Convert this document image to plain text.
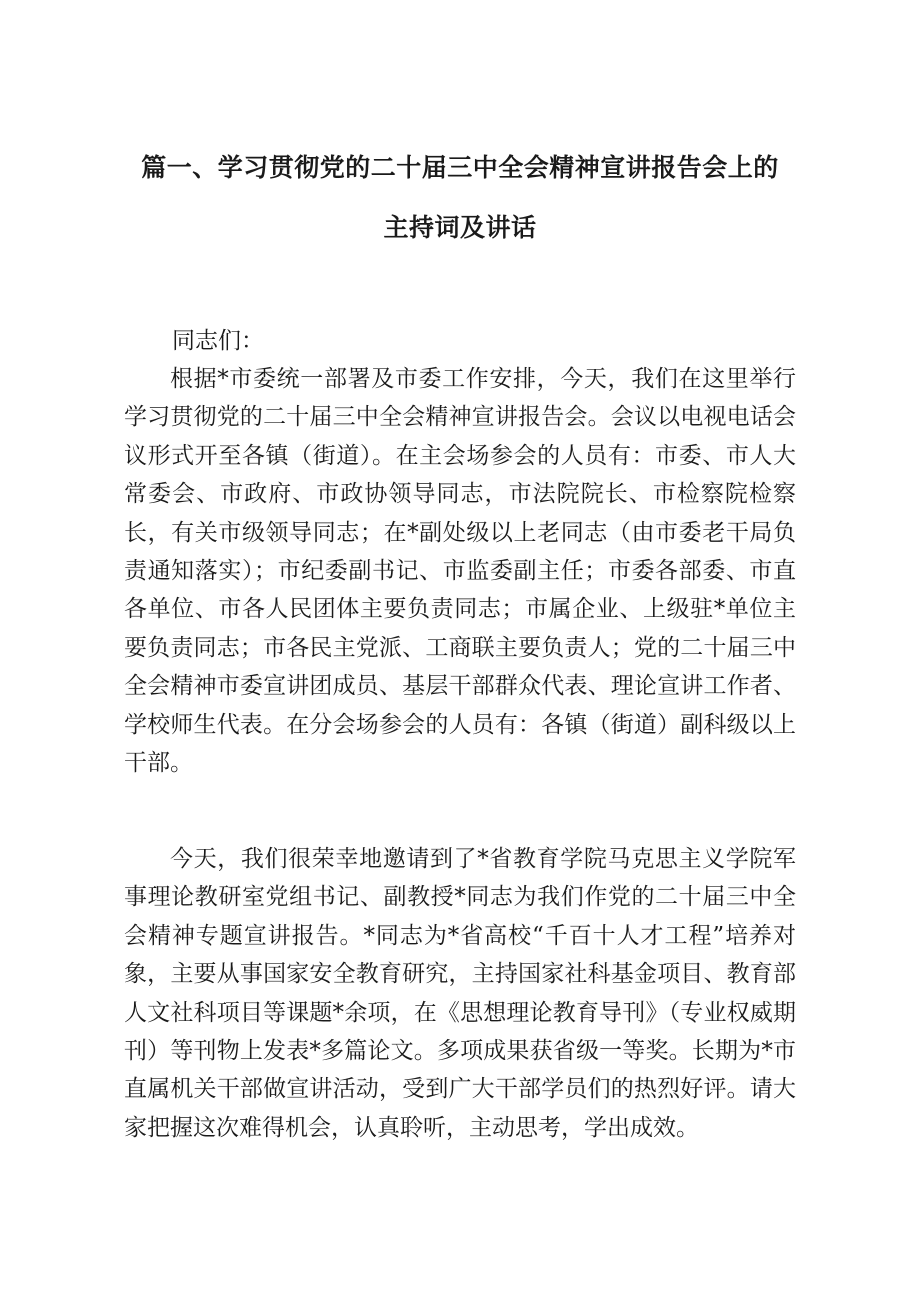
篇一、学习贯彻党的二十届三中全会精神宣讲报告会上的
主持词及讲话
同志们：

根据*市委统一部署及市委工作安排，今天，我们在这里举行学习贯彻党的二十届三中全会精神宣讲报告会。会议以电视电话会议形式开至各镇（街道）。在主会场参会的人员有：市委、市人大常委会、市政府、市政协领导同志，市法院院长、市检察院检察长，有关市级领导同志；在*副处级以上老同志（由市委老干局负责通知落实）；市纪委副书记、市监委副主任；市委各部委、市直各单位、市各人民团体主要负责同志；市属企业、上级驻*单位主要负责同志；市各民主党派、工商联主要负责人；党的二十届三中全会精神市委宣讲团成员、基层干部群众代表、理论宣讲工作者、学校师生代表。在分会场参会的人员有：各镇（街道）副科级以上干部。

今天，我们很荣幸地邀请到了*省教育学院马克思主义学院军事理论教研室党组书记、副教授*同志为我们作党的二十届三中全会精神专题宣讲报告。*同志为*省高校“千百十人才工程”培养对象，主要从事国家安全教育研究，主持国家社科基金项目、教育部人文社科项目等课题*余项，在《思想理论教育导刊》（专业权威期刊）等刊物上发表*多篇论文。多项成果获省级一等奖。长期为*市直属机关干部做宣讲活动，受到广大干部学员们的热烈好评。请大家把握这次难得机会，认真聆听，主动思考，学出成效。
